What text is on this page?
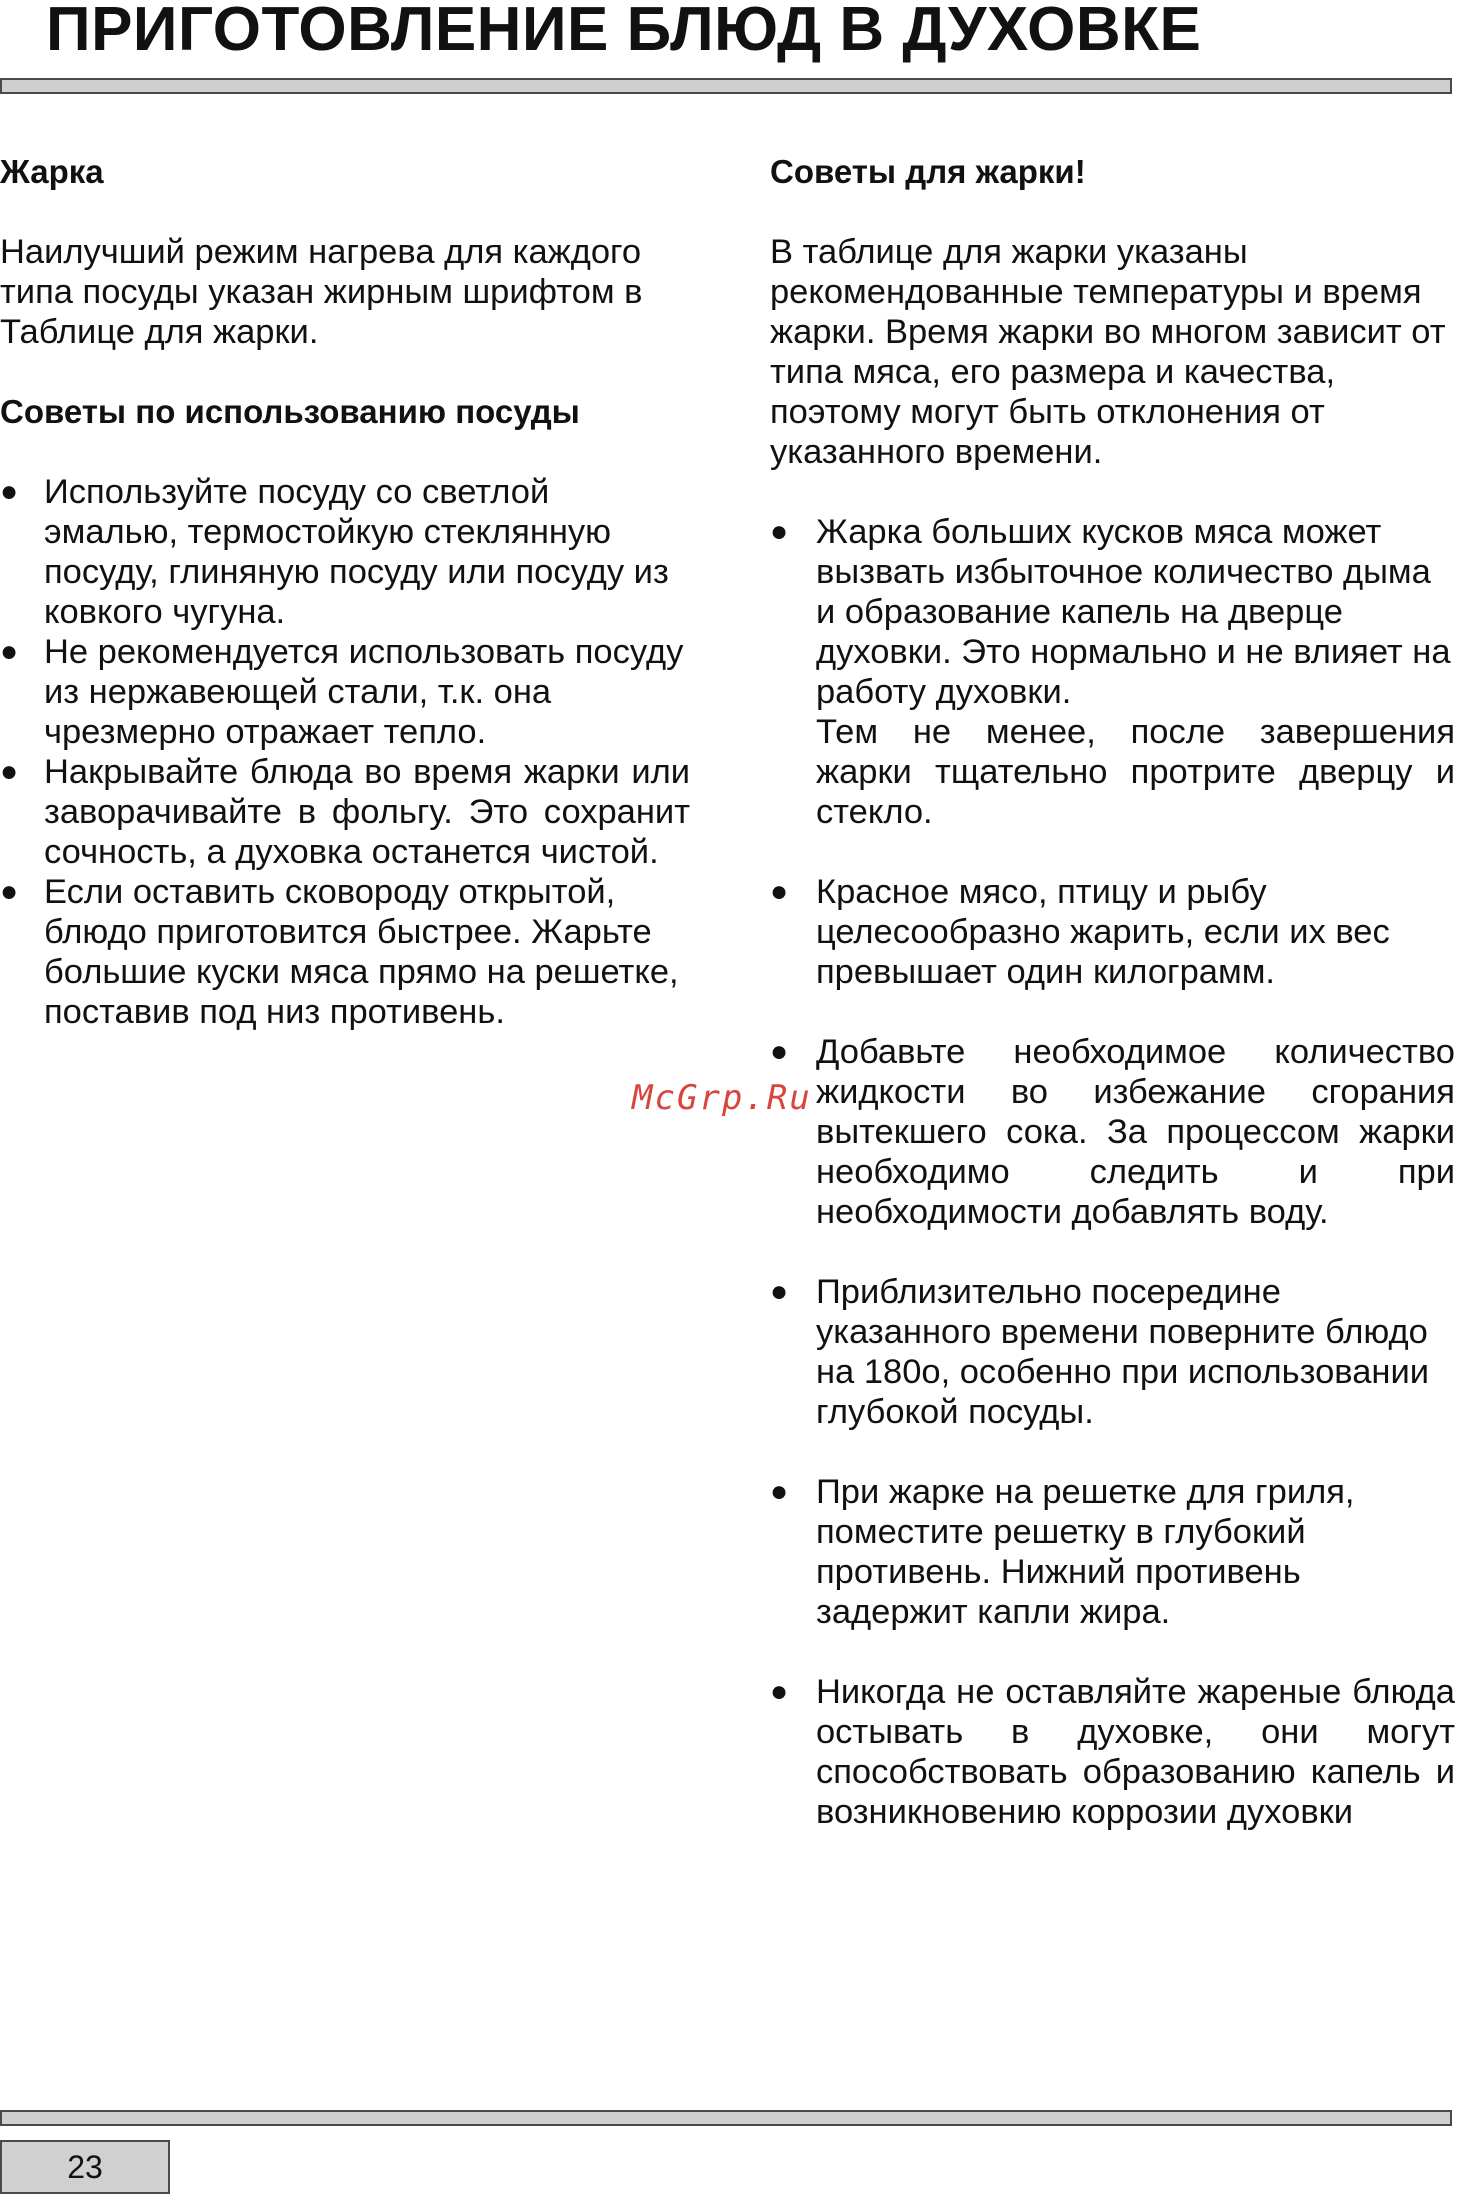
ПРИГОТОВЛЕНИЕ БЛЮД В ДУХОВКЕ
Жарка

Наилучший режим нагрева для каждого типа посуды указан жирным шрифтом в Таблице для жарки.

Советы по использованию посуды
● Используйте посуду со светлой эмалью, термостойкую стеклянную посуду, глиняную посуду или посуду из ковкого чугуна.
● Не рекомендуется использовать посуду из нержавеющей стали, т.к. она чрезмерно отражает тепло.
● Накрывайте блюда во время жарки или заворачивайте в фольгу. Это сохранит сочность, а духовка останется чистой.
● Если оставить сковороду открытой, блюдо приготовится быстрее. Жарьте большие куски мяса прямо на решетке, поставив под низ противень.
Советы для жарки!

В таблице для жарки указаны рекомендованные температуры и время жарки. Время жарки во многом зависит от типа мяса, его размера и качества, поэтому могут быть отклонения от указанного времени.

● Жарка больших кусков мяса может вызвать избыточное количество дыма и образование капель на дверце духовки. Это нормально и не влияет на работу духовки.
Тем не менее, после завершения жарки тщательно протрите дверцу и стекло.
● Красное мясо, птицу и рыбу целесообразно жарить, если их вес превышает один килограмм.
● Добавьте необходимое количество жидкости во избежание сгорания вытекшего сока. За процессом жарки необходимо следить и при необходимости добавлять воду.
● Приблизительно посередине указанного времени поверните блюдо на 180о, особенно при использовании глубокой посуды.
● При жарке на решетке для гриля, поместите решетку в глубокий противень. Нижний противень задержит капли жира.
● Никогда не оставляйте жареные блюда остывать в духовке, они могут способствовать образованию капель и возникновению коррозии духовки
McGrp.Ru
23
